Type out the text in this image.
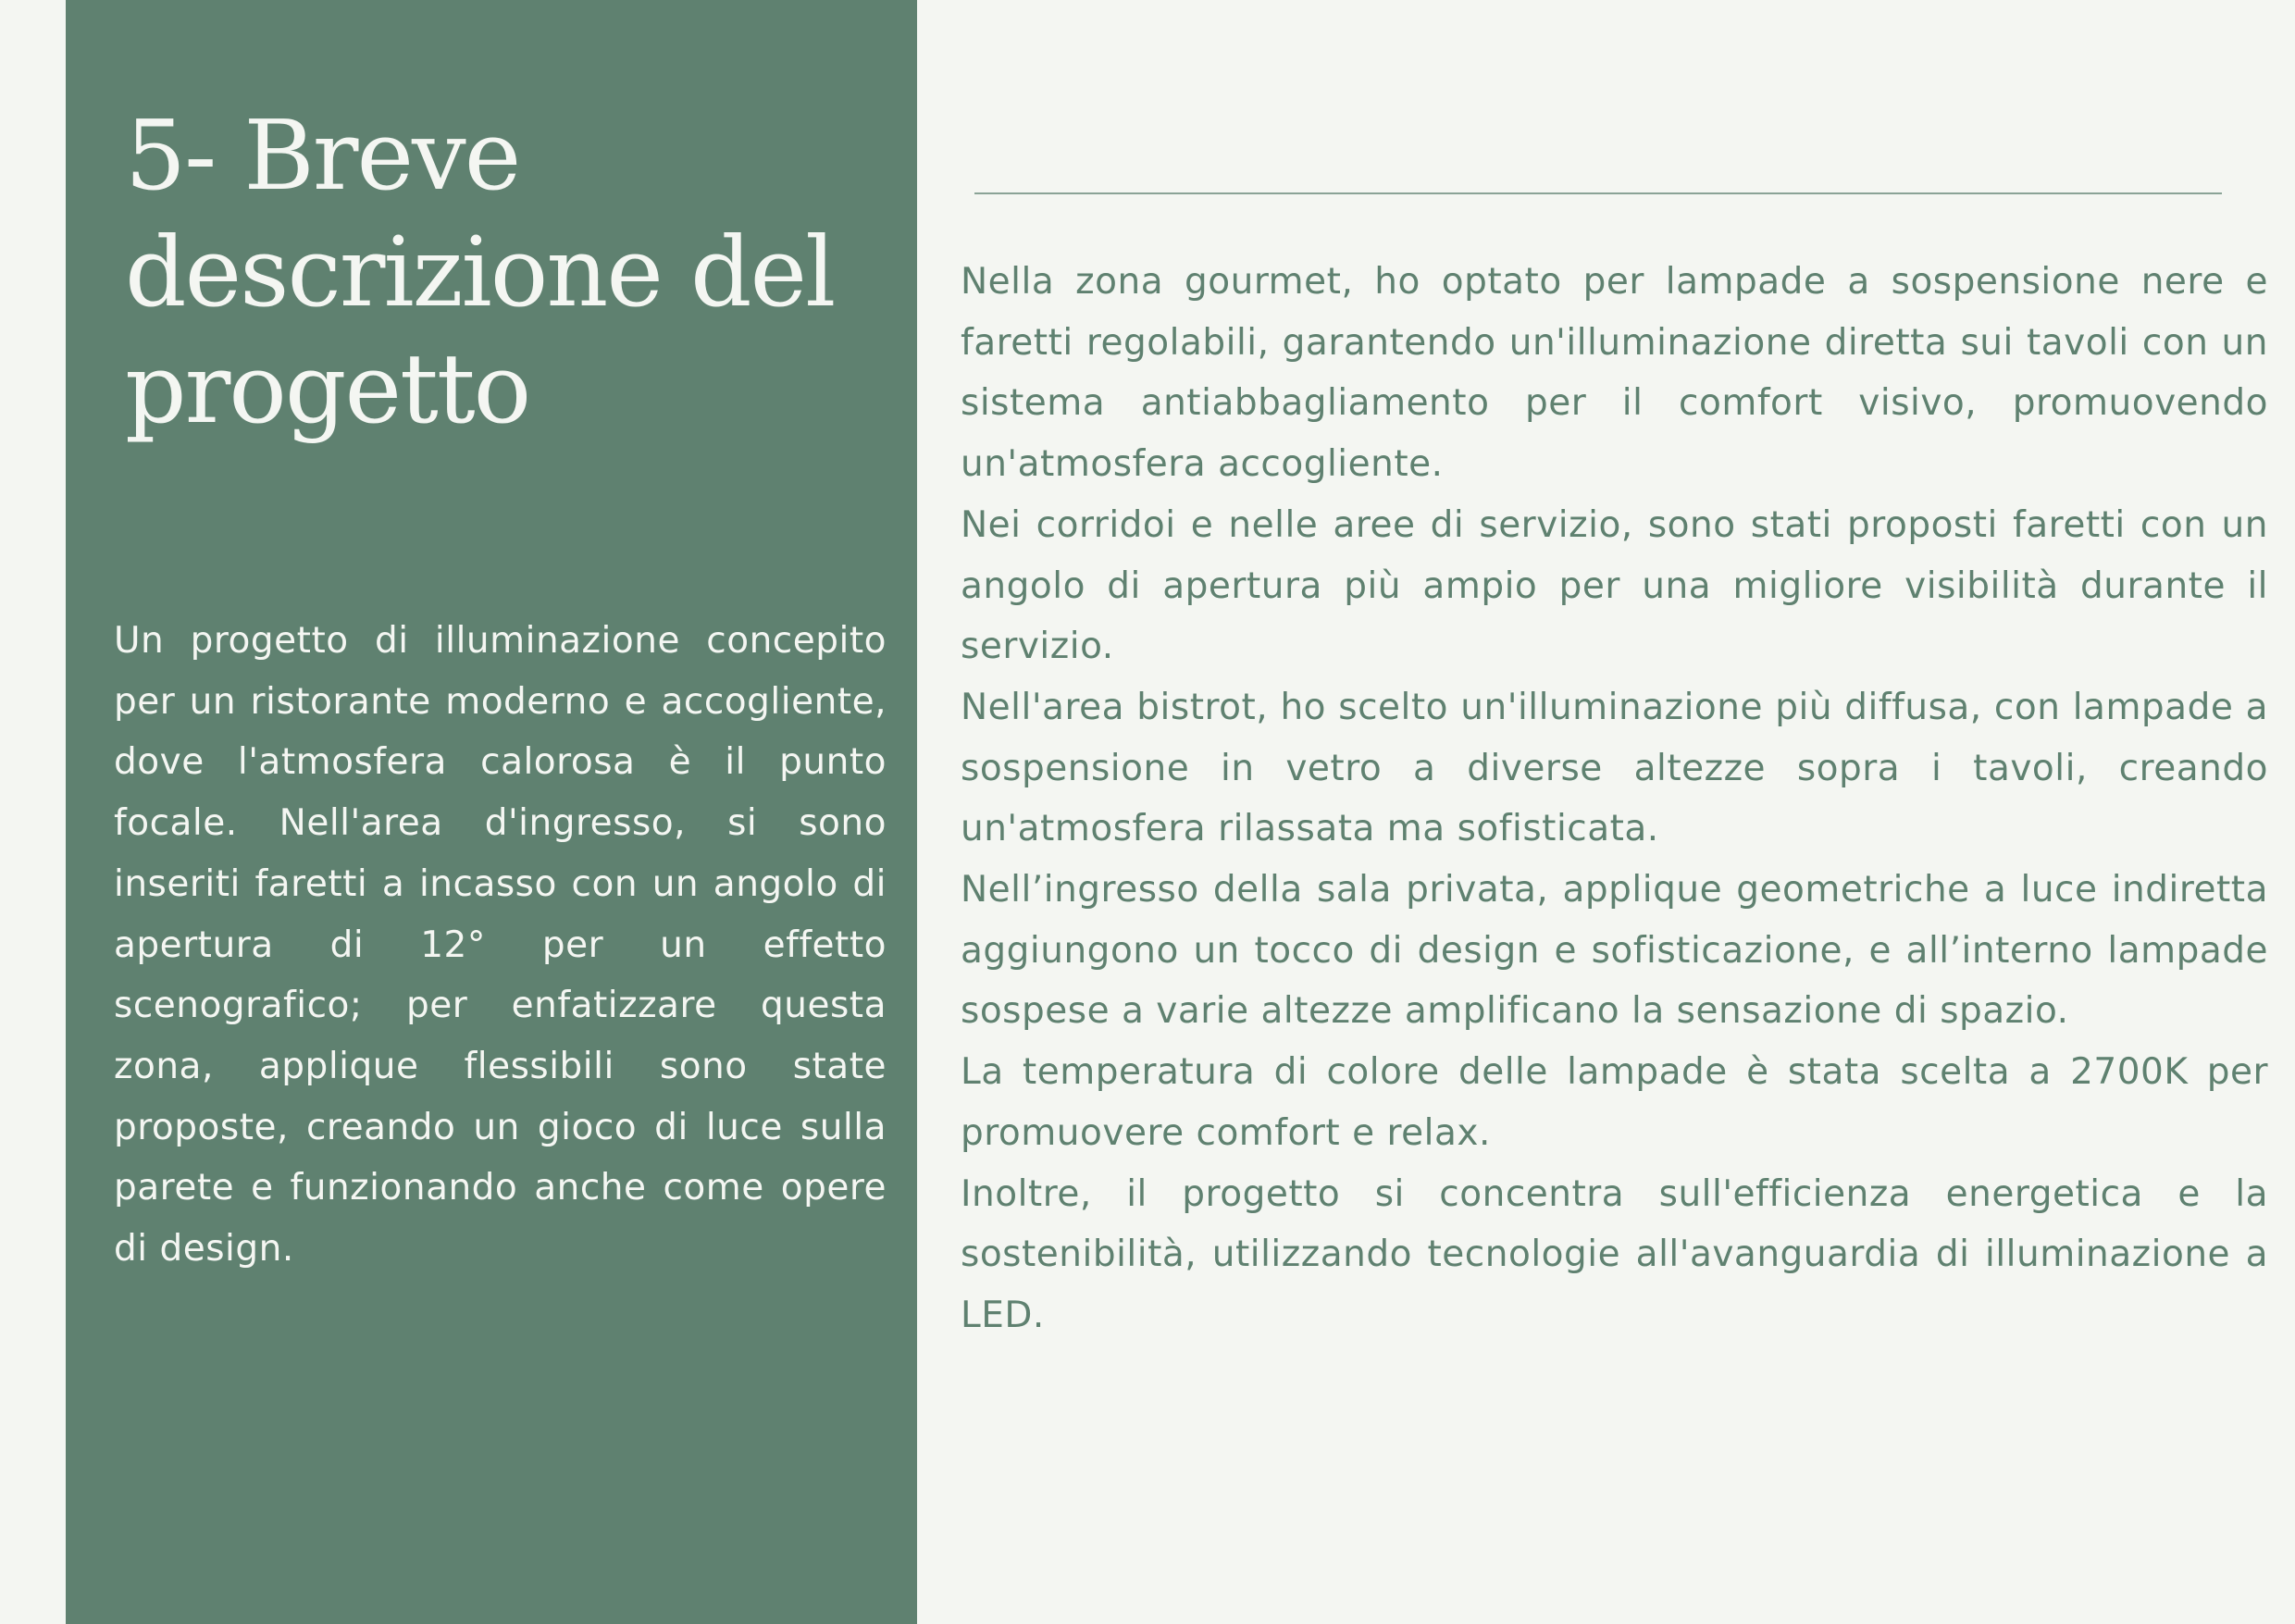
5- Breve descrizione del progetto

Un progetto di illuminazione concepito per un ristorante moderno e accogliente, dove l'atmosfera calorosa è il punto focale. Nell'area d'ingresso, si sono inseriti faretti a incasso con un angolo di apertura di 12° per un effetto scenografico; per enfatizzare questa zona, applique flessibili sono state proposte, creando un gioco di luce sulla parete e funzionando anche come opere di design.

Nella zona gourmet, ho optato per lampade a sospensione nere e faretti regolabili, garantendo un'illuminazione diretta sui tavoli con un sistema antiabbagliamento per il comfort visivo, promuovendo un'atmosfera accogliente.

Nei corridoi e nelle aree di servizio, sono stati proposti faretti con un angolo di apertura più ampio per una migliore visibilità durante il servizio.

Nell'area bistrot, ho scelto un'illuminazione più diffusa, con lampade a sospensione in vetro a diverse altezze sopra i tavoli, creando un'atmosfera rilassata ma sofisticata.

Nell’ingresso della sala privata, applique geometriche a luce indiretta aggiungono un tocco di design e sofisticazione, e all’interno lampade sospese a varie altezze amplificano la sensazione di spazio.

La temperatura di colore delle lampade è stata scelta a 2700K per promuovere comfort e relax.

Inoltre, il progetto si concentra sull'efficienza energetica e la sostenibilità, utilizzando tecnologie all'avanguardia di illuminazione a LED.
